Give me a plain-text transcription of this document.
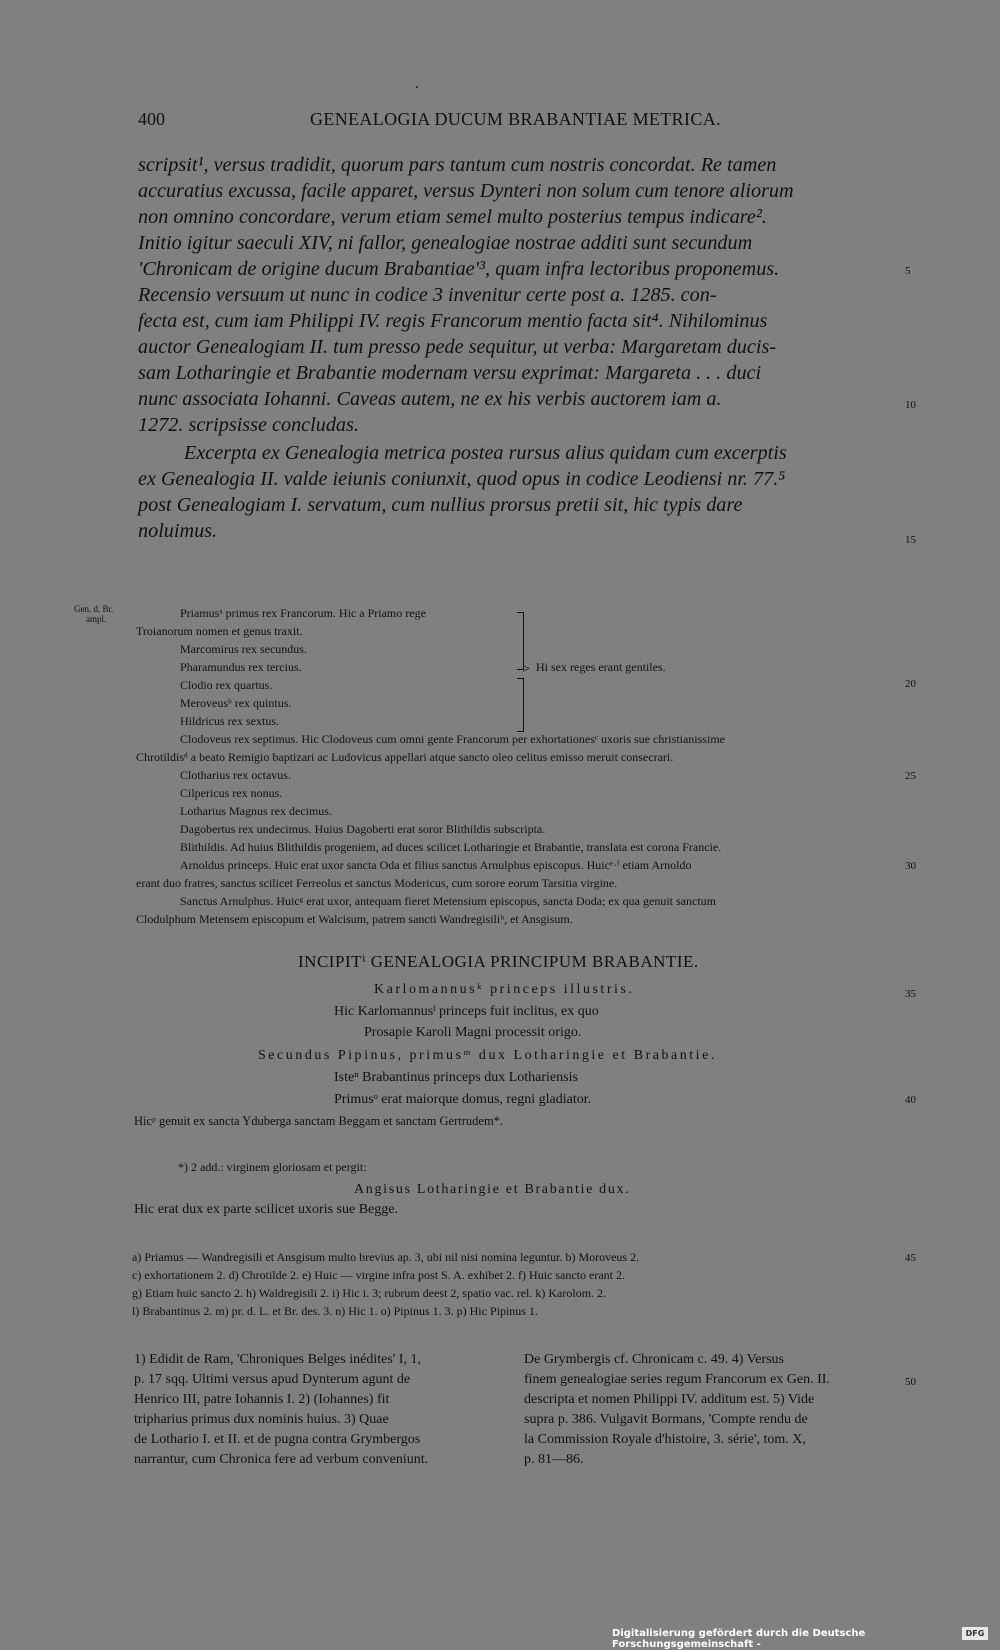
400	GENEALOGIA DUCUM BRABANTIAE METRICA.
scripsit¹, versus tradidit, quorum pars tantum cum nostris concordat. Re tamen
accuratius excussa, facile apparet, versus Dynteri non solum cum tenore aliorum
non omnino concordare, verum etiam semel multo posterius tempus indicare².
Initio igitur saeculi XIV, ni fallor, genealogiae nostrae additi sunt secundum
'Chronicam de origine ducum Brabantiae'³, quam infra lectoribus proponemus.
Recensio versuum ut nunc in codice 3 invenitur certe post a. 1285. con-
fecta est, cum iam Philippi IV. regis Francorum mentio facta sit⁴. Nihilominus
auctor Genealogiam II. tum presso pede sequitur, ut verba: Margaretam ducis-
sam Lotharingie et Brabantie modernam versu exprimat: Margareta . . . duci
nunc associata Iohanni. Caveas autem, ne ex his verbis auctorem iam a.
1272. scripsisse concludas.
Excerpta ex Genealogia metrica postea rursus alius quidam cum excerptis
ex Genealogia II. valde ieiunis coniunxit, quod opus in codice Leodiensi nr. 77.⁵
post Genealogiam I. servatum, cum nullius prorsus pretii sit, hic typis dare
noluimus.
5
10
15
Gen. d. Br.
ampl.	Priamusᵃ primus rex Francorum. Hic a Priamo rege
Troianorum nomen et genus traxit.
Marcomirus rex secundus.
Pharamundus rex tercius.
Clodio rex quartus.
Meroveusᵇ rex quintus.
Hildricus rex sextus.
Clodoveus rex septimus. Hic Clodoveus cum omni gente Francorum per exhortationesᶜ uxoris sue christianissime
Chrotildisᵈ a beato Remigio baptizari ac Ludovicus appellari atque sancto oleo celitus emisso meruit consecrari.
Clotharius rex octavus.
Cilpericus rex nonus.
Lotharius Magnus rex decimus.
Dagobertus rex undecimus. Huius Dagoberti erat soror Blithildis subscripta.
Blithildis. Ad huius Blithildis progeniem, ad duces scilicet Lotharingie et Brabantie, translata est corona Francie.
Arnoldus princeps. Huic erat uxor sancta Oda et filius sanctus Arnulphus episcopus. Huicᵉ·ᶠ etiam Arnoldo
erant duo fratres, sanctus scilicet Ferreolus et sanctus Modericus, cum sorore eorum Tarsitia virgine.
Sanctus Arnulphus. Huicᵍ erat uxor, antequam fieret Metensium episcopus, sancta Doda; ex qua genuit sanctum
Clodulphum Metensem episcopum et Walcisum, patrem sancti Wandregisiliʰ, et Ansgisum.
> Hi sex reges erant gentiles.
20
25
30
INCIPITⁱ GENEALOGIA PRINCIPUM BRABANTIE.
Karlomannusᵏ princeps illustris.
Hic Karlomannusˡ princeps fuit inclitus, ex quo
Prosapie Karoli Magni processit origo.
Secundus Pipinus, primusᵐ dux Lotharingie et Brabantie.
Isteⁿ Brabantinus princeps dux Lothariensis
Primusᵒ erat maiorque domus, regni gladiator.
Hicᵖ genuit ex sancta Yduberga sanctam Beggam et sanctam Gertrudem*.
35
40
*) 2 add.: virginem gloriosam et pergit:
Angisus Lotharingie et Brabantie dux.
Hic erat dux ex parte scilicet uxoris sue Begge.
a) Priamus — Wandregisili et Ansgisum multo brevius ap. 3, ubi nil nisi nomina leguntur. b) Moroveus 2.
c) exhortationem 2. d) Chrotilde 2. e) Huic — virgine infra post S. A. exhibet 2. f) Huic sancto erant 2.
g) Etiam huic sancto 2. h) Waldregisili 2. i) Hic i. 3; rubrum deest 2, spatio vac. rel. k) Karolom. 2.
l) Brabantinus 2. m) pr. d. L. et Br. des. 3. n) Hic 1. o) Pipinus 1. 3. p) Hic Pipinus 1.
45
1) Edidit de Ram, 'Chroniques Belges inédites' I, 1,
p. 17 sqq. Ultimi versus apud Dynterum agunt de
Henrico III, patre Iohannis I. 2) (Iohannes) fit
tripharius primus dux nominis huius. 3) Quae
de Lothario I. et II. et de pugna contra Grymbergos
narrantur, cum Chronica fere ad verbum conveniunt.
De Grymbergis cf. Chronicam c. 49. 4) Versus
finem genealogiae series regum Francorum ex Gen. II.
descripta et nomen Philippi IV. additum est. 5) Vide
supra p. 386. Vulgavit Bormans, 'Compte rendu de
la Commission Royale d'histoire, 3. série', tom. X,
p. 81—86.
50
Digitalisierung gefördert durch die Deutsche Forschungsgemeinschaft -
DFG
